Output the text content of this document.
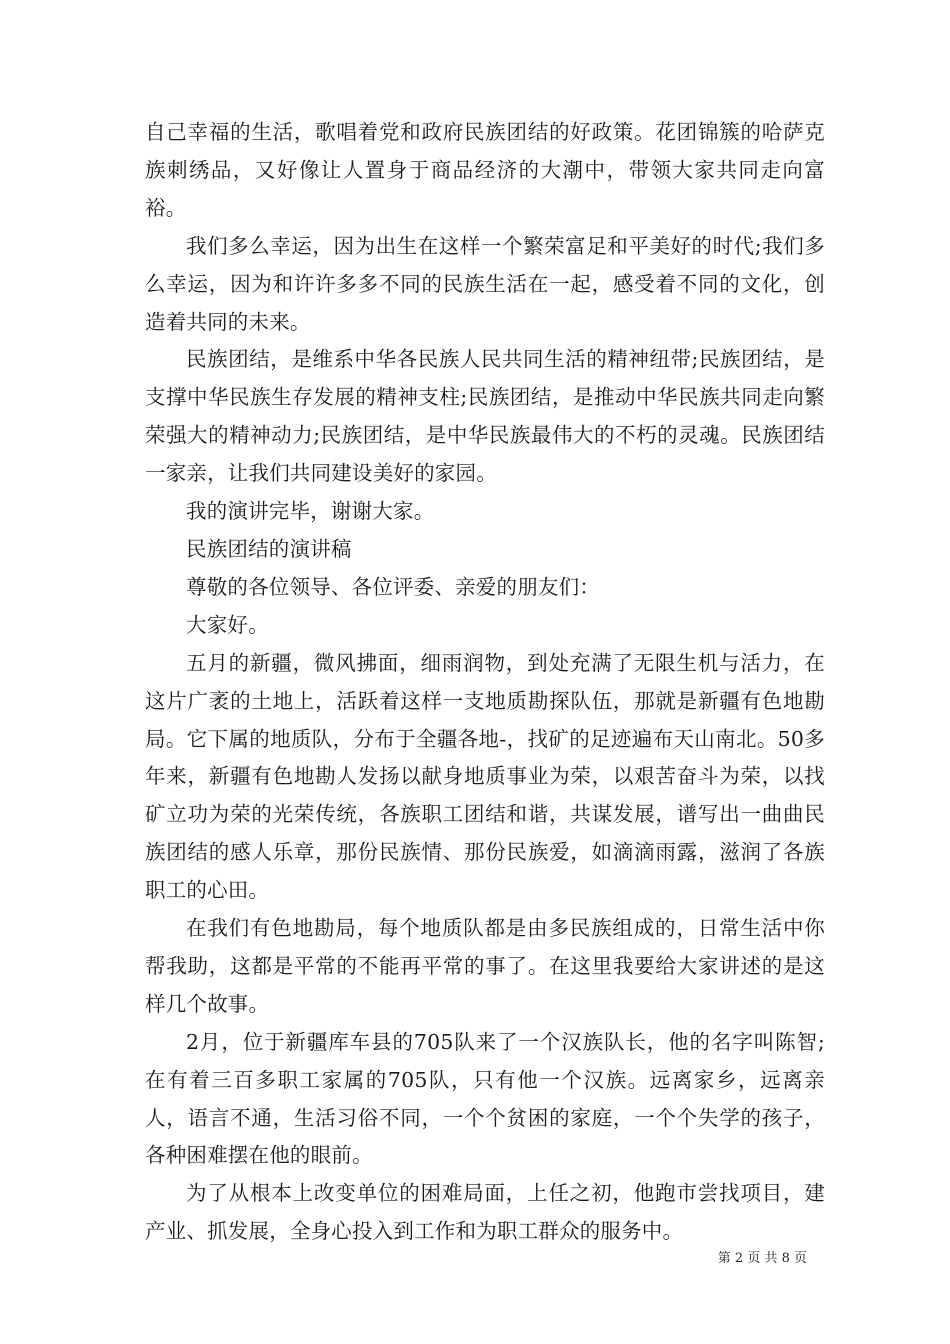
自己幸福的生活，歌唱着党和政府民族团结的好政策。花团锦簇的哈萨克族刺绣品，又好像让人置身于商品经济的大潮中，带领大家共同走向富裕。

我们多么幸运，因为出生在这样一个繁荣富足和平美好的时代;我们多么幸运，因为和许许多多不同的民族生活在一起，感受着不同的文化，创造着共同的未来。

民族团结，是维系中华各民族人民共同生活的精神纽带;民族团结，是支撑中华民族生存发展的精神支柱;民族团结，是推动中华民族共同走向繁荣强大的精神动力;民族团结，是中华民族最伟大的不朽的灵魂。民族团结一家亲，让我们共同建设美好的家园。

我的演讲完毕，谢谢大家。

民族团结的演讲稿

尊敬的各位领导、各位评委、亲爱的朋友们：

大家好。

五月的新疆，微风拂面，细雨润物，到处充满了无限生机与活力，在这片广袤的土地上，活跃着这样一支地质勘探队伍，那就是新疆有色地勘局。它下属的地质队，分布于全疆各地-，找矿的足迹遍布天山南北。50多年来，新疆有色地勘人发扬以献身地质事业为荣，以艰苦奋斗为荣，以找矿立功为荣的光荣传统，各族职工团结和谐，共谋发展，谱写出一曲曲民族团结的感人乐章，那份民族情、那份民族爱，如滴滴雨露，滋润了各族职工的心田。

在我们有色地勘局，每个地质队都是由多民族组成的，日常生活中你帮我助，这都是平常的不能再平常的事了。在这里我要给大家讲述的是这样几个故事。

2月，位于新疆库车县的705队来了一个汉族队长，他的名字叫陈智;在有着三百多职工家属的705队，只有他一个汉族。远离家乡，远离亲人，语言不通，生活习俗不同，一个个贫困的家庭，一个个失学的孩子，各种困难摆在他的眼前。

为了从根本上改变单位的困难局面，上任之初，他跑市尝找项目，建产业、抓发展，全身心投入到工作和为职工群众的服务中。

第 2 页 共 8 页
